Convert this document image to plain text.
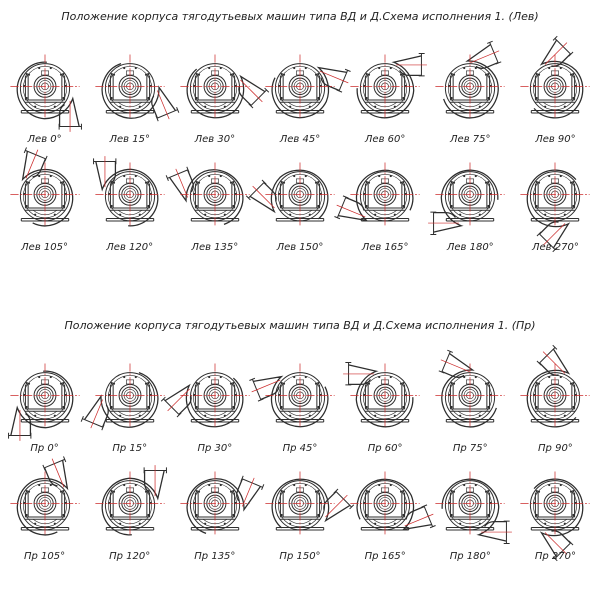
Положение корпуса тягодутьевых машин типа ВД и Д.Схема исполнения 1. (Лев)
Лев 0°	Лев 15°	Лев 30°	Лев 45°	Лев 60°	Лев 75°	Лев 90°
Лев 105°	Лев 120°	Лев 135°	Лев 150°	Лев 165°	Лев 180°	Лев 270°
Положение корпуса тягодутьевых машин типа ВД и Д.Схема исполнения 1. (Пр)
Пр 0°	Пр 15°	Пр 30°	Пр 45°	Пр 60°	Пр 75°	Пр 90°
Пр 105°	Пр 120°	Пр 135°	Пр 150°	Пр 165°	Пр 180°	Пр 270°
